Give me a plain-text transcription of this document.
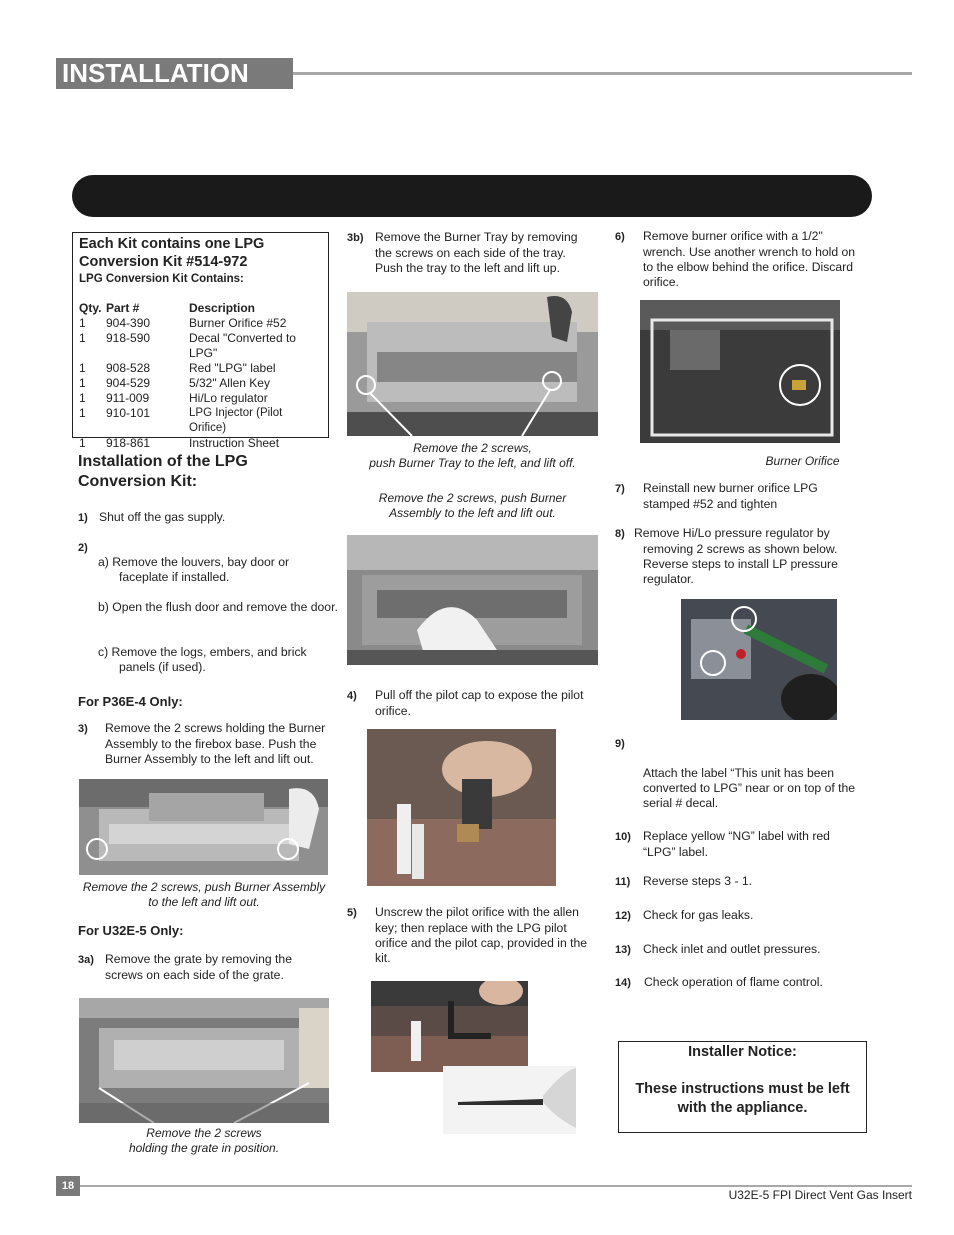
INSTALLATION
Each Kit contains one LPG
Conversion Kit #514-972
LPG Conversion Kit Contains:
Qty.	Part #	Description
1	904-390	Burner Orifice #52
1	918-590	Decal "Converted to LPG"
1	908-528	Red "LPG" label
1	904-529	5/32" Allen Key
1	911-009	Hi/Lo regulator
1	910-101	LPG Injector (Pilot Orifice)
1	918-861	Instruction Sheet
Installation of the LPG
Conversion Kit:
1) Shut off the gas supply.
2)
a) Remove the louvers, bay door or faceplate if installed.
b) Open the flush door and remove the door.
c) Remove the logs, embers, and brick panels (if used).
For P36E-4 Only:
3) Remove the 2 screws holding the Burner Assembly to the firebox base. Push the Burner Assembly to the left and lift out.
Remove the 2 screws, push Burner Assembly to the left and lift out.
For U32E-5 Only:
3a) Remove the grate by removing the screws on each side of the grate.
Remove the 2 screws
holding the grate in position.
3b) Remove the Burner Tray by removing the screws on each side of the tray. Push the tray to the left and lift up.
Remove the 2 screws,
push Burner Tray to the left, and lift off.
Remove the 2 screws, push Burner Assembly to the left and lift out.
4) Pull off the pilot cap to expose the pilot orifice.
5) Unscrew the pilot orifice with the allen key; then replace with the LPG pilot orifice and the pilot cap, provided in the kit.
6) Remove burner orifice with a 1/2" wrench. Use another wrench to hold on to the elbow behind the orifice. Discard orifice.
Burner Orifice
7) Reinstall new burner orifice LPG stamped #52 and tighten
8) Remove Hi/Lo pressure regulator by removing 2 screws as shown below. Reverse steps to install LP pressure regulator.
9)
Attach the label “This unit has been converted to LPG” near or on top of the serial # decal.
10) Replace yellow “NG” label with red “LPG” label.
11) Reverse steps 3 - 1.
12) Check for gas leaks.
13) Check inlet and outlet pressures.
14) Check operation of flame control.
Installer Notice:
These instructions must be left
with the appliance.
18
U32E-5 FPI Direct Vent Gas Insert
